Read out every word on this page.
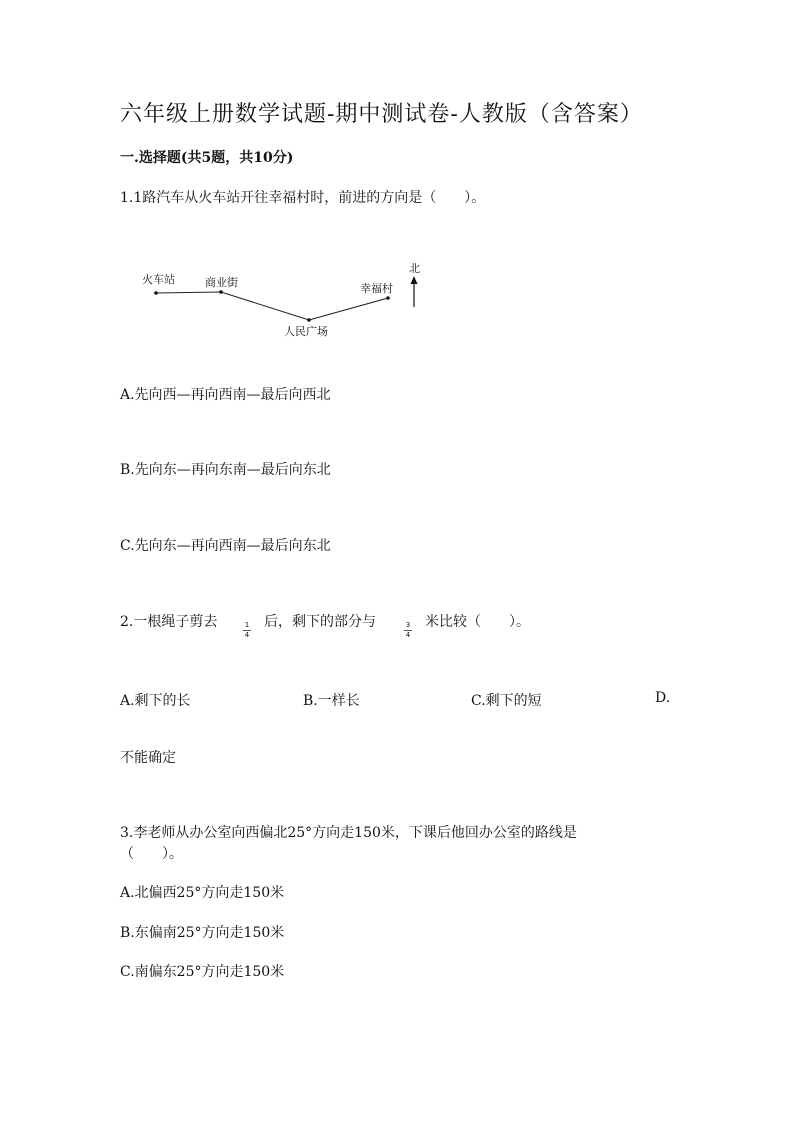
六年级上册数学试题-期中测试卷-人教版（含答案）
一.选择题(共5题，共10分)
1.1路汽车从火车站开往幸福村时，前进的方向是（　　）。
火车站	商业街
人民广场
幸福村
北
A.先向西—再向西南—最后向西北
B.先向东—再向东南—最后向东北
C.先向东—再向西南—最后向东北
2.一根绳子剪去	1
4
后，剩下的部分与	3
4
米比较（　　）。
A.剩下的长	B.一样长	C.剩下的短	D.
不能确定
3.李老师从办公室向西偏北25°方向走150米，下课后他回办公室的路线是
（　　）。
A.北偏西25°方向走150米
B.东偏南25°方向走150米
C.南偏东25°方向走150米
